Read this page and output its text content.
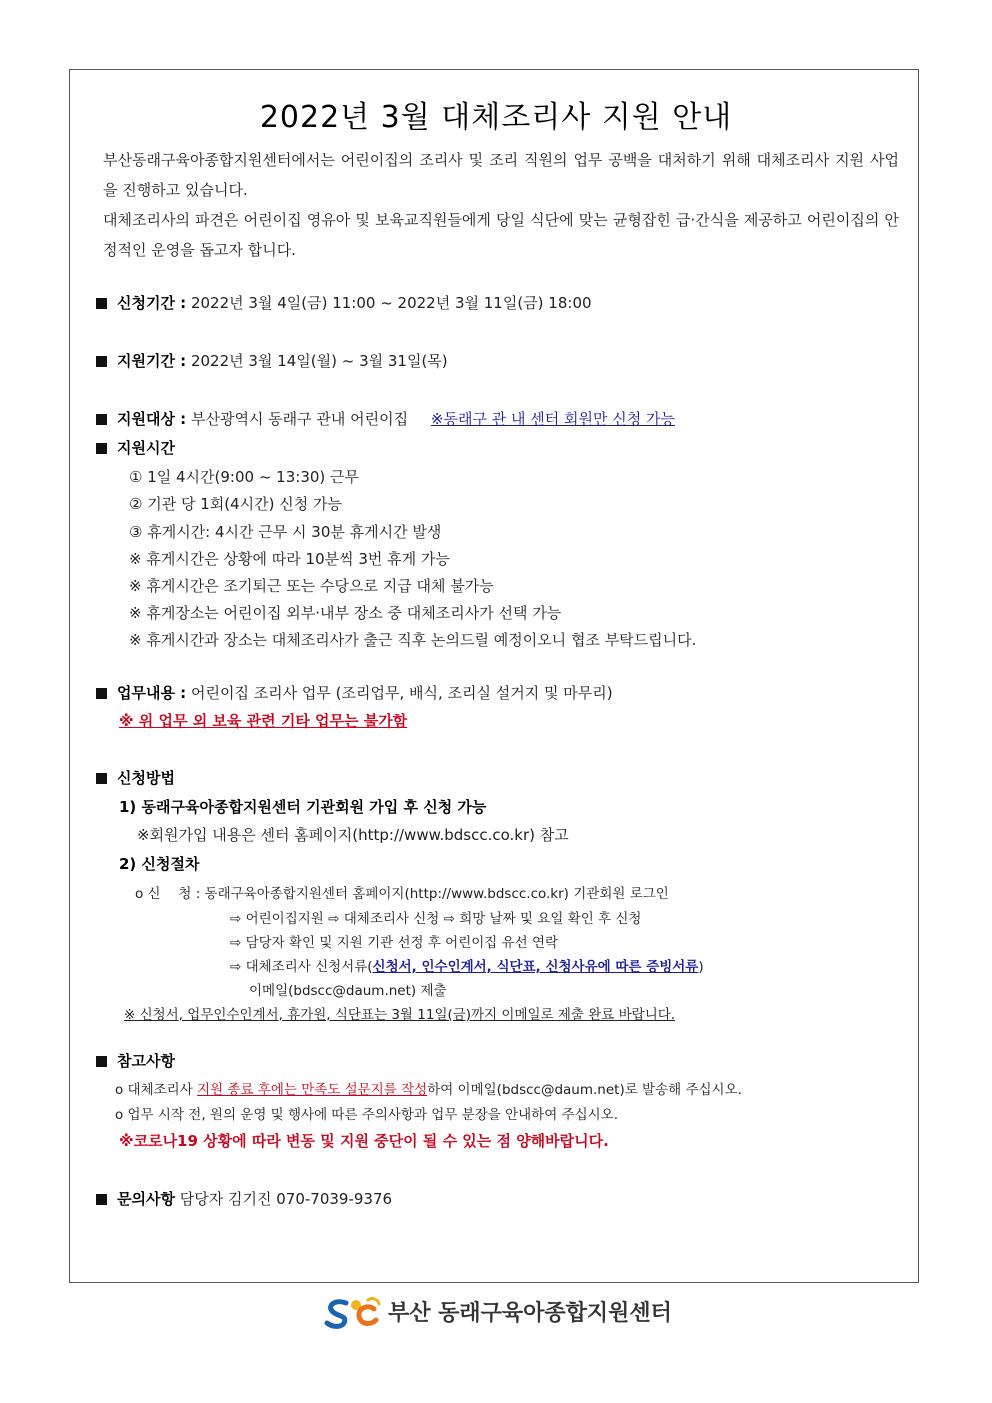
2022년 3월 대체조리사 지원 안내
부산동래구육아종합지원센터에서는 어린이집의 조리사 및 조리 직원의 업무 공백을 대처하기 위해 대체조리사 지원 사업을 진행하고 있습니다.
대체조리사의 파견은 어린이집 영유아 및 보육교직원들에게 당일 식단에 맞는 균형잡힌 급·간식을 제공하고 어린이집의 안정적인 운영을 돕고자 합니다.
신청기간 : 2022년 3월 4일(금) 11:00 ~ 2022년 3월 11일(금) 18:00
지원기간 : 2022년 3월 14일(월) ~ 3월 31일(목)
지원대상 : 부산광역시 동래구 관내 어린이집 ※동래구 관 내 센터 회원만 신청 가능
지원시간
① 1일 4시간(9:00 ~ 13:30) 근무
② 기관 당 1회(4시간) 신청 가능
③ 휴게시간: 4시간 근무 시 30분 휴게시간 발생
※ 휴게시간은 상황에 따라 10분씩 3번 휴게 가능
※ 휴게시간은 조기퇴근 또는 수당으로 지급 대체 불가능
※ 휴게장소는 어린이집 외부·내부 장소 중 대체조리사가 선택 가능
※ 휴게시간과 장소는 대체조리사가 출근 직후 논의드릴 예정이오니 협조 부탁드립니다.
업무내용 : 어린이집 조리사 업무 (조리업무, 배식, 조리실 설거지 및 마무리)
※ 위 업무 외 보육 관련 기타 업무는 불가함
신청방법
1) 동래구육아종합지원센터 기관회원 가입 후 신청 가능
※회원가입 내용은 센터 홈페이지(http://www.bdscc.co.kr) 참고
2) 신청절차
o 신　 청 : 동래구육아종합지원센터 홈페이지(http://www.bdscc.co.kr) 기관회원 로그인
⇨ 어린이집지원 ⇨ 대체조리사 신청 ⇨ 희망 날짜 및 요일 확인 후 신청
⇨ 담당자 확인 및 지원 기관 선정 후 어린이집 유선 연락
⇨ 대체조리사 신청서류(신청서, 인수인계서, 식단표, 신청사유에 따른 증빙서류)
이메일(bdscc@daum.net) 제출
※ 신청서, 업무인수인계서, 휴가원, 식단표는 3월 11일(금)까지 이메일로 제출 완료 바랍니다.
참고사항
o 대체조리사 지원 종료 후에는 만족도 설문지를 작성하여 이메일(bdscc@daum.net)로 발송해 주십시오.
o 업무 시작 전, 원의 운영 및 행사에 따른 주의사항과 업무 분장을 안내하여 주십시오.
※코로나19 상황에 따라 변동 및 지원 중단이 될 수 있는 점 양해바랍니다.
문의사항 담당자 김기진 070-7039-9376
부산 동래구육아종합지원센터
